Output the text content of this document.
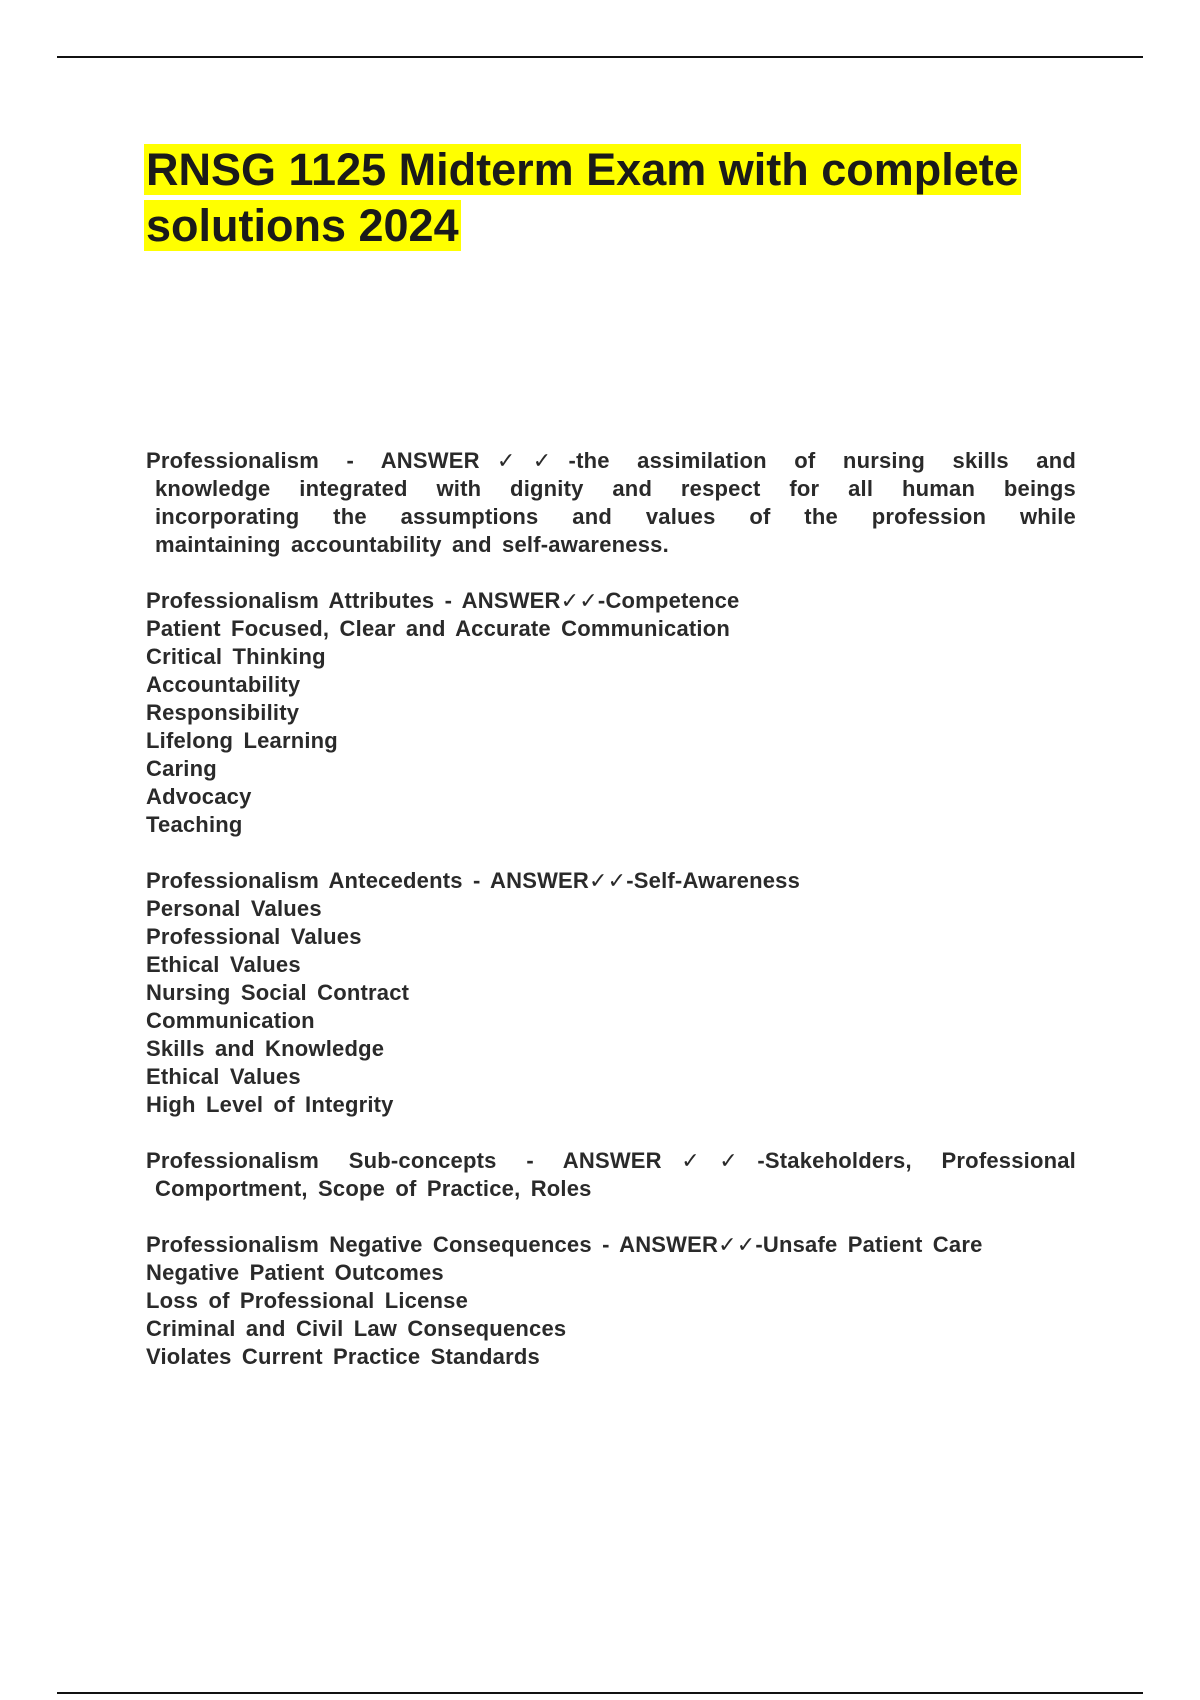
RNSG 1125 Midterm Exam with complete
solutions 2024
Professionalism - ANSWER✓✓-the assimilation of nursing skills and
knowledge integrated with dignity and respect for all human beings
incorporating the assumptions and values of the profession while
maintaining accountability and self-awareness.
Professionalism Attributes - ANSWER✓✓-Competence
Patient Focused, Clear and Accurate Communication
Critical Thinking
Accountability
Responsibility
Lifelong Learning
Caring
Advocacy
Teaching
Professionalism Antecedents - ANSWER✓✓-Self-Awareness
Personal Values
Professional Values
Ethical Values
Nursing Social Contract
Communication
Skills and Knowledge
Ethical Values
High Level of Integrity
Professionalism Sub-concepts - ANSWER✓✓-Stakeholders, Professional
Comportment, Scope of Practice, Roles
Professionalism Negative Consequences - ANSWER✓✓-Unsafe Patient Care
Negative Patient Outcomes
Loss of Professional License
Criminal and Civil Law Consequences
Violates Current Practice Standards
